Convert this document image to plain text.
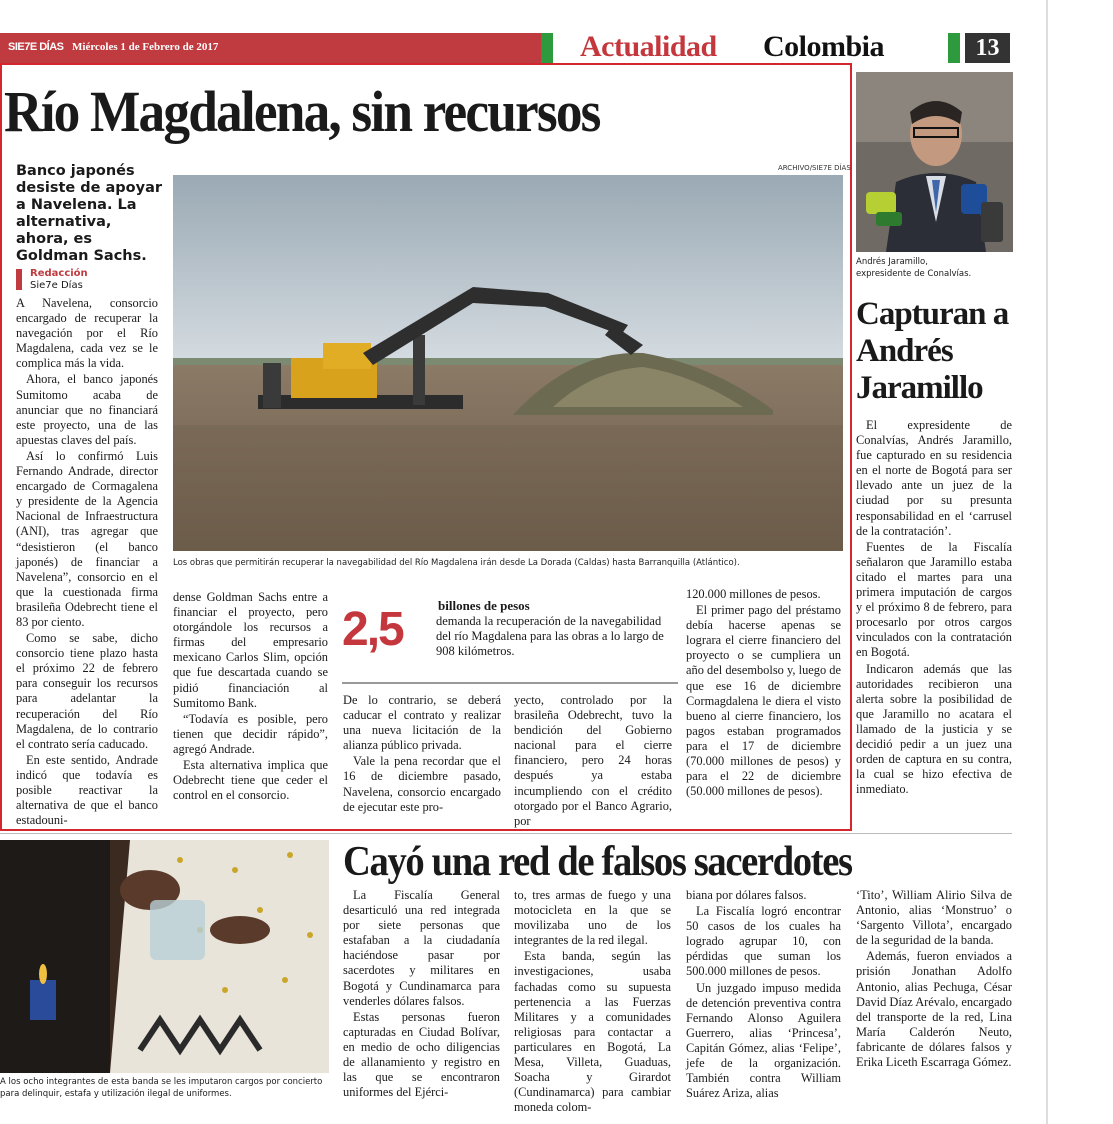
SIE7E DÍAS Miércoles 1 de Febrero de 2017	Actualidad Colombia	13
Río Magdalena, sin recursos
Banco japonés desiste de apoyar a Navelena. La alternativa, ahora, es Goldman Sachs.
Redacción
Sie7e Días
ARCHIVO/SIE7E DÍAS
Los obras que permitirán recuperar la navegabilidad del Río Magdalena irán desde La Dorada (Caldas) hasta Barranquilla (Atlántico).

A Navelena, consorcio encargado de recuperar la navegación por el Río Magdalena, cada vez se le complica más la vida.

Ahora, el banco japonés Sumitomo acaba de anunciar que no financiará este proyecto, una de las apuestas claves del país.

Así lo confirmó Luis Fernando Andrade, director encargado de Cormagalena y presidente de la Agencia Nacional de Infraestructura (ANI), tras agregar que “desistieron (el banco japonés) de financiar a Navelena”, consorcio en el que la cuestionada firma brasileña Odebrecht tiene el 83 por ciento.

Como se sabe, dicho consorcio tiene plazo hasta el próximo 22 de febrero para conseguir los recursos para adelantar la recuperación del Río Magdalena, de lo contrario el contrato sería caducado.

En este sentido, Andrade indicó que todavía es posible reactivar la alternativa de que el banco estadouni-

dense Goldman Sachs entre a financiar el proyecto, pero otorgándole los recursos a firmas del empresario mexicano Carlos Slim, opción que fue descartada cuando se pidió financiación al Sumitomo Bank.

“Todavía es posible, pero tienen que decidir rápido”, agregó Andrade.

Esta alternativa implica que Odebrecht tiene que ceder el control en el consorcio.

2,5	billones de pesos
demanda la recuperación de la navegabilidad del río Magdalena para las obras a lo largo de 908 kilómetros.

De lo contrario, se deberá caducar el contrato y realizar una nueva licitación de la alianza público privada.

Vale la pena recordar que el 16 de diciembre pasado, Navelena, consorcio encargado de ejecutar este pro-

yecto, controlado por la brasileña Odebrecht, tuvo la bendición del Gobierno nacional para el cierre financiero, pero 24 horas después ya estaba incumpliendo con el crédito otorgado por el Banco Agrario, por

120.000 millones de pesos.

El primer pago del préstamo debía hacerse apenas se lograra el cierre financiero del proyecto o se cumpliera un año del desembolso y, luego de que ese 16 de diciembre Cormagdalena le diera el visto bueno al cierre financiero, los pagos estaban programados para el 17 de diciembre (70.000 millones de pesos) y para el 22 de diciembre (50.000 millones de pesos).

Andrés Jaramillo,
expresidente de Conalvías.
Capturan a Andrés Jaramillo

El expresidente de Conalvías, Andrés Jaramillo, fue capturado en su residencia en el norte de Bogotá para ser llevado ante un juez de la ciudad por su presunta responsabilidad en el ‘carrusel de la contratación’.

Fuentes de la Fiscalía señalaron que Jaramillo estaba citado el martes para una primera imputación de cargos y el próximo 8 de febrero, para procesarlo por otros cargos vinculados con la contratación en Bogotá.

Indicaron además que las autoridades recibieron una alerta sobre la posibilidad de que Jaramillo no acatara el llamado de la justicia y se decidió pedir a un juez una orden de captura en su contra, la cual se hizo efectiva de inmediato.

A los ocho integrantes de esta banda se les imputaron cargos por concierto para delinquir, estafa y utilización ilegal de uniformes.
Cayó una red de falsos sacerdotes

La Fiscalía General desarticuló una red integrada por siete personas que estafaban a la ciudadanía haciéndose pasar por sacerdotes y militares en Bogotá y Cundinamarca para venderles dólares falsos.

Estas personas fueron capturadas en Ciudad Bolívar, en medio de ocho diligencias de allanamiento y registro en las que se encontraron uniformes del Ejérci-

to, tres armas de fuego y una motocicleta en la que se movilizaba uno de los integrantes de la red ilegal.

Esta banda, según las investigaciones, usaba fachadas como su supuesta pertenencia a las Fuerzas Militares y a comunidades religiosas para contactar a particulares en Bogotá, La Mesa, Villeta, Guaduas, Soacha y Girardot (Cundinamarca) para cambiar moneda colom-

biana por dólares falsos.

La Fiscalía logró encontrar 50 casos de los cuales ha logrado agrupar 10, con pérdidas que suman los 500.000 millones de pesos.

Un juzgado impuso medida de detención preventiva contra Fernando Alonso Aguilera Guerrero, alias ‘Princesa’, Capitán Gómez, alias ‘Felipe’, jefe de la organización. También contra William Suárez Ariza, alias

‘Tito’, William Alirio Silva de Antonio, alias ‘Monstruo’ o ‘Sargento Villota’, encargado de la seguridad de la banda.

Además, fueron enviados a prisión Jonathan Adolfo Antonio, alias Pechuga, César David Díaz Arévalo, encargado del transporte de la red, Lina María Calderón Neuto, fabricante de dólares falsos y Erika Liceth Escarraga Gómez.
